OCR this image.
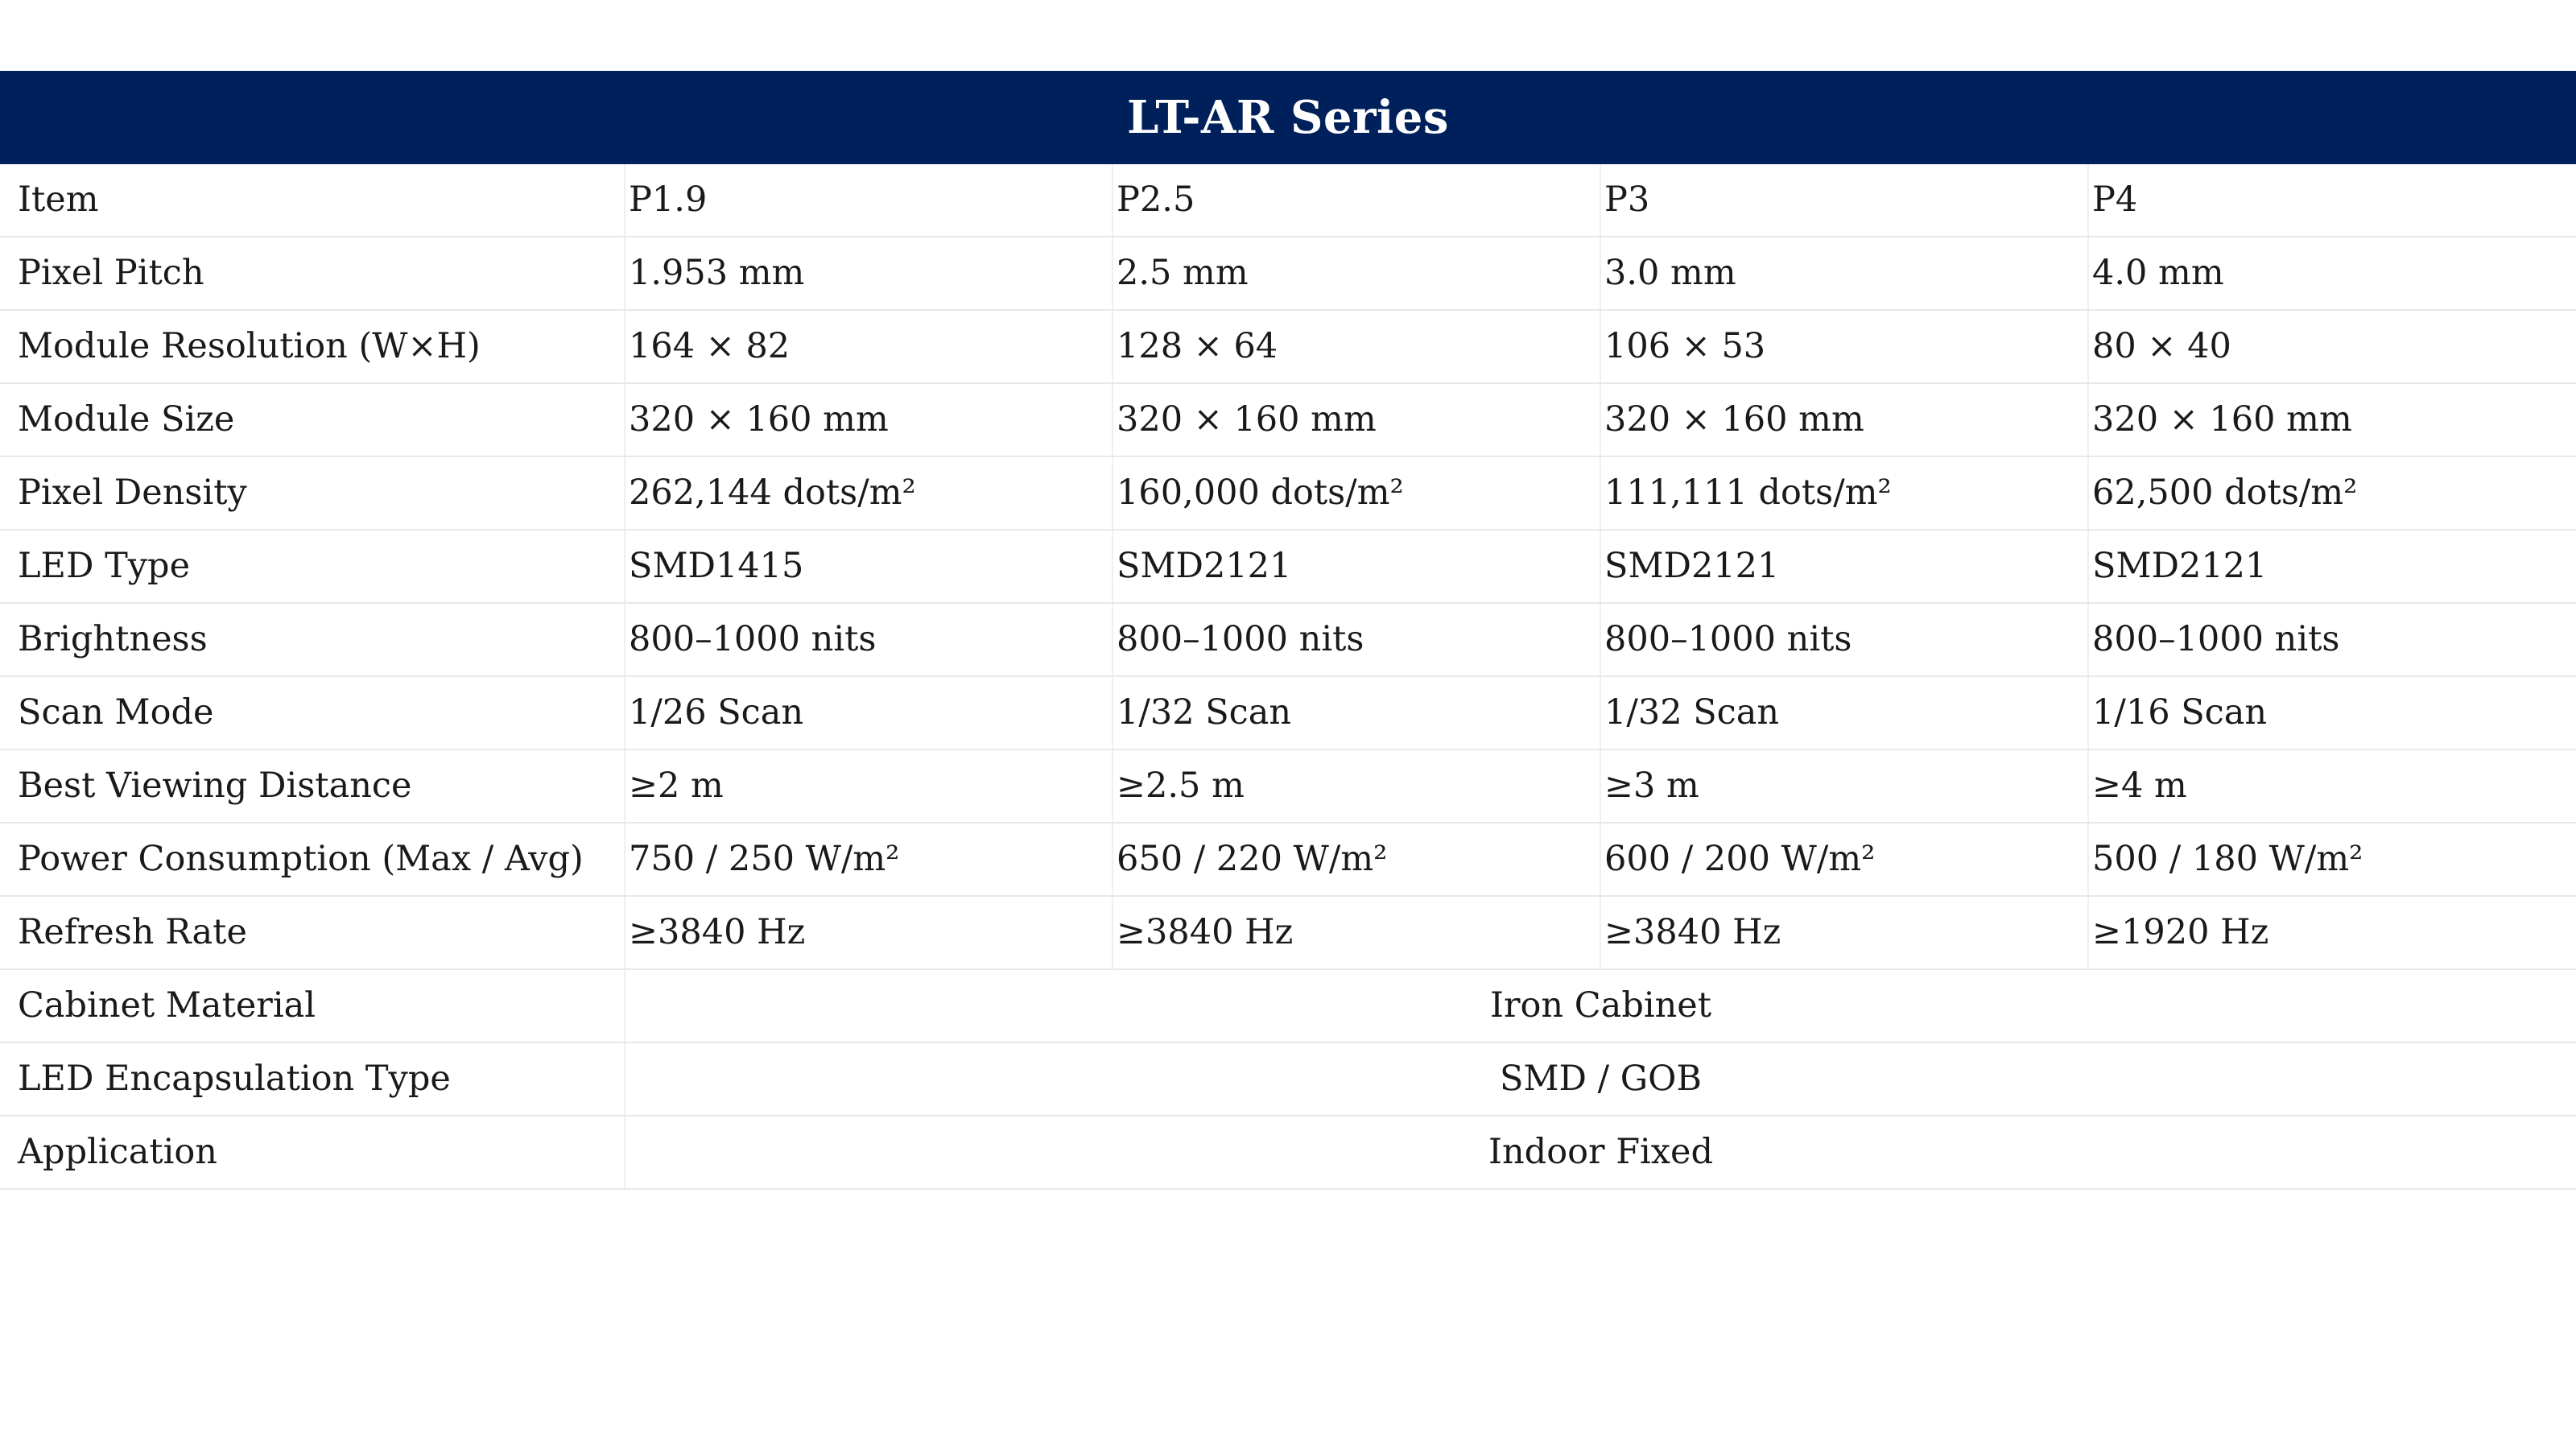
LT-AR Series
Item	P1.9	P2.5	P3	P4
Pixel Pitch	1.953 mm	2.5 mm	3.0 mm	4.0 mm
Module Resolution (W×H)	164 × 82	128 × 64	106 × 53	80 × 40
Module Size	320 × 160 mm	320 × 160 mm	320 × 160 mm	320 × 160 mm
Pixel Density	262,144 dots/m²	160,000 dots/m²	111,111 dots/m²	62,500 dots/m²
LED Type	SMD1415	SMD2121	SMD2121	SMD2121
Brightness	800–1000 nits	800–1000 nits	800–1000 nits	800–1000 nits
Scan Mode	1/26 Scan	1/32 Scan	1/32 Scan	1/16 Scan
Best Viewing Distance	≥2 m	≥2.5 m	≥3 m	≥4 m
Power Consumption (Max / Avg)	750 / 250 W/m²	650 / 220 W/m²	600 / 200 W/m²	500 / 180 W/m²
Refresh Rate	≥3840 Hz	≥3840 Hz	≥3840 Hz	≥1920 Hz
Cabinet Material	Iron Cabinet			
LED Encapsulation Type	SMD / GOB			
Application	Indoor Fixed			
